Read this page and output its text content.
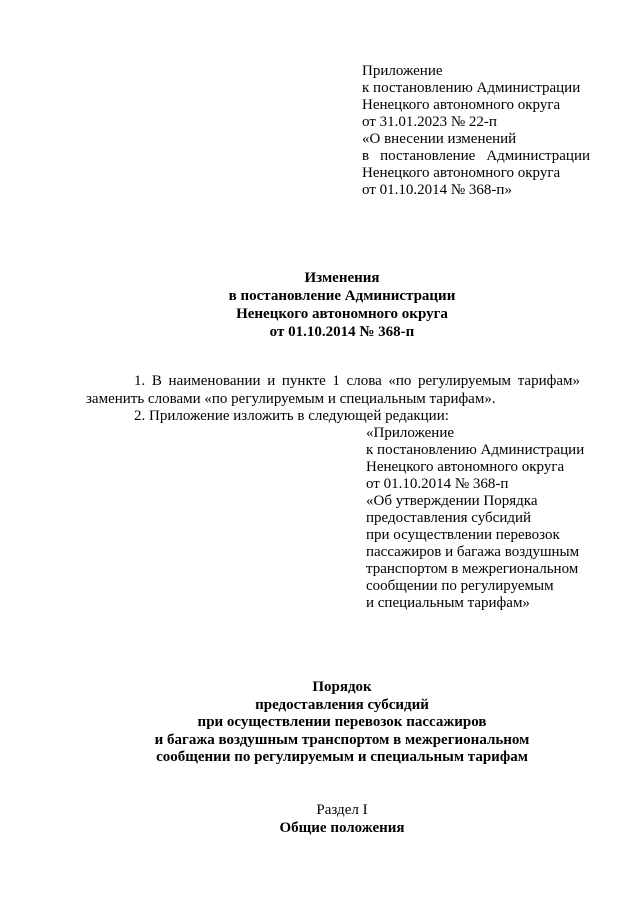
Приложение
к постановлению Администрации
Ненецкого автономного округа
от 31.01.2023 № 22-п
«О внесении изменений
в постановление Администрации
Ненецкого автономного округа
от 01.10.2014 № 368-п»
Изменения
в постановление Администрации
Ненецкого автономного округа
от 01.10.2014 № 368-п
1. В наименовании и пункте 1 слова «по регулируемым тарифам»
заменить словами «по регулируемым и специальным тарифам».
2. Приложение изложить в следующей редакции:
«Приложение
к постановлению Администрации
Ненецкого автономного округа
от 01.10.2014 № 368-п
«Об утверждении Порядка
предоставления субсидий
при осуществлении перевозок
пассажиров и багажа воздушным
транспортом в межрегиональном
сообщении по регулируемым
и специальным тарифам»
Порядок
предоставления субсидий
при осуществлении перевозок пассажиров
и багажа воздушным транспортом в межрегиональном
сообщении по регулируемым и специальным тарифам
Раздел I
Общие положения
